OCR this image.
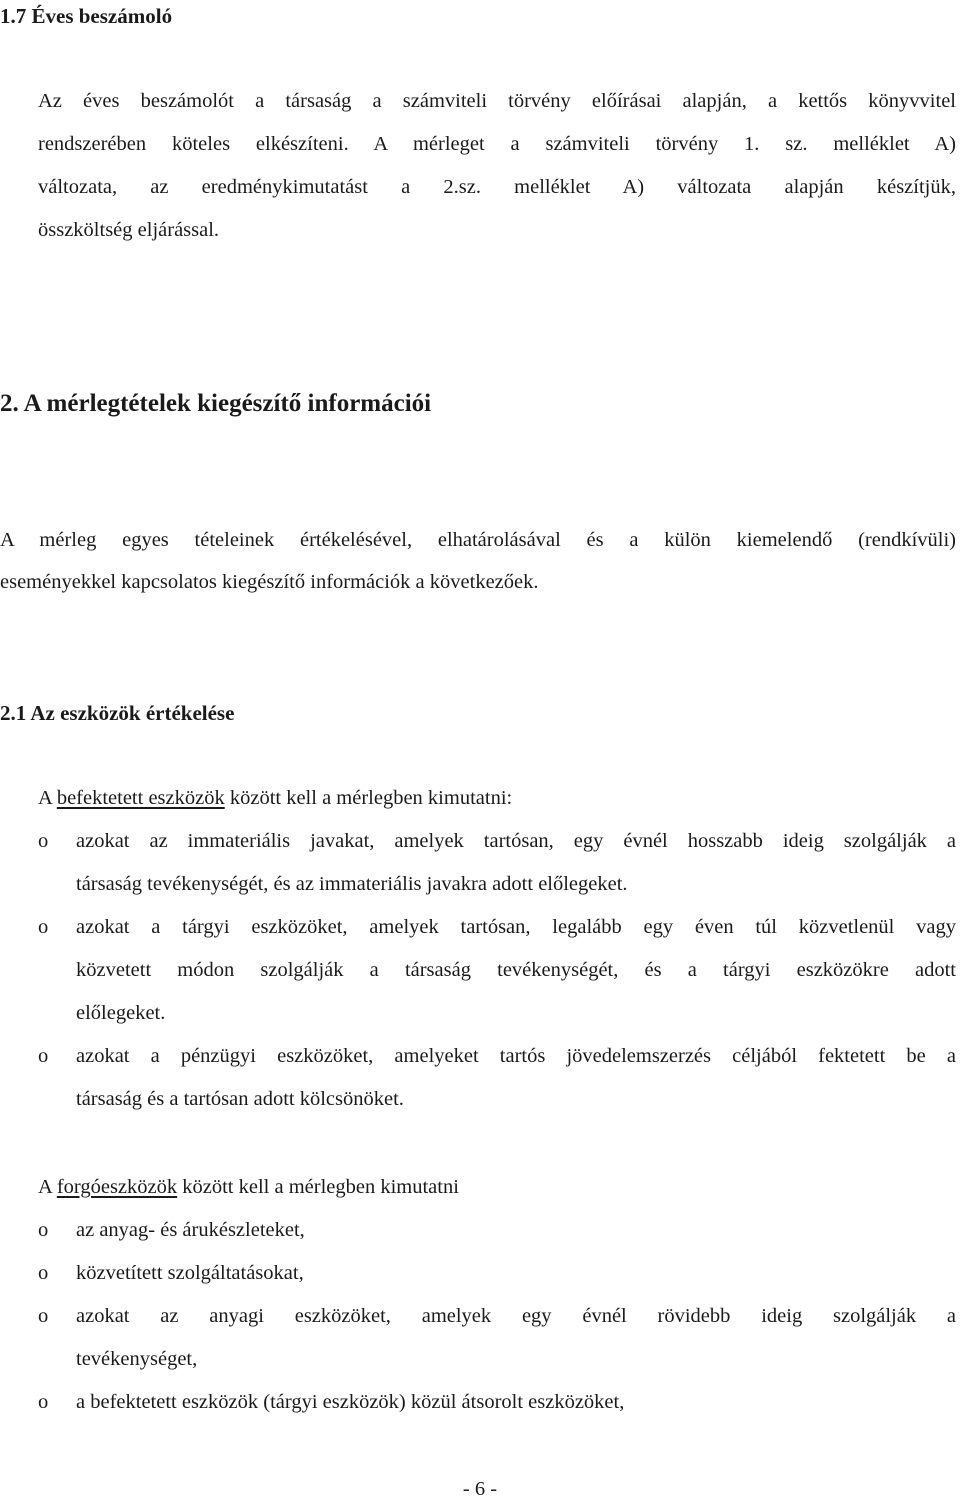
1.7 Éves beszámoló
Az éves beszámolót a társaság a számviteli törvény előírásai alapján, a kettős könyvvitel
rendszerében köteles elkészíteni. A mérleget a számviteli törvény 1. sz. melléklet A)
változata, az eredménykimutatást a 2.sz. melléklet A) változata alapján készítjük,
összköltség eljárással.
2. A mérlegtételek kiegészítő információi
A mérleg egyes tételeinek értékelésével, elhatárolásával és a külön kiemelendő (rendkívüli)
eseményekkel kapcsolatos kiegészítő információk a következőek.
2.1 Az eszközök értékelése
A befektetett eszközök között kell a mérlegben kimutatni:
o azokat az immateriális javakat, amelyek tartósan, egy évnél hosszabb ideig szolgálják a
társaság tevékenységét, és az immateriális javakra adott előlegeket.
o azokat a tárgyi eszközöket, amelyek tartósan, legalább egy éven túl közvetlenül vagy
közvetett módon szolgálják a társaság tevékenységét, és a tárgyi eszközökre adott
előlegeket.
o azokat a pénzügyi eszközöket, amelyeket tartós jövedelemszerzés céljából fektetett be a
társaság és a tartósan adott kölcsönöket.
A forgóeszközök között kell a mérlegben kimutatni
o az anyag- és árukészleteket,
o közvetített szolgáltatásokat,
o azokat az anyagi eszközöket, amelyek egy évnél rövidebb ideig szolgálják a
tevékenységet,
o a befektetett eszközök (tárgyi eszközök) közül átsorolt eszközöket,
- 6 -
